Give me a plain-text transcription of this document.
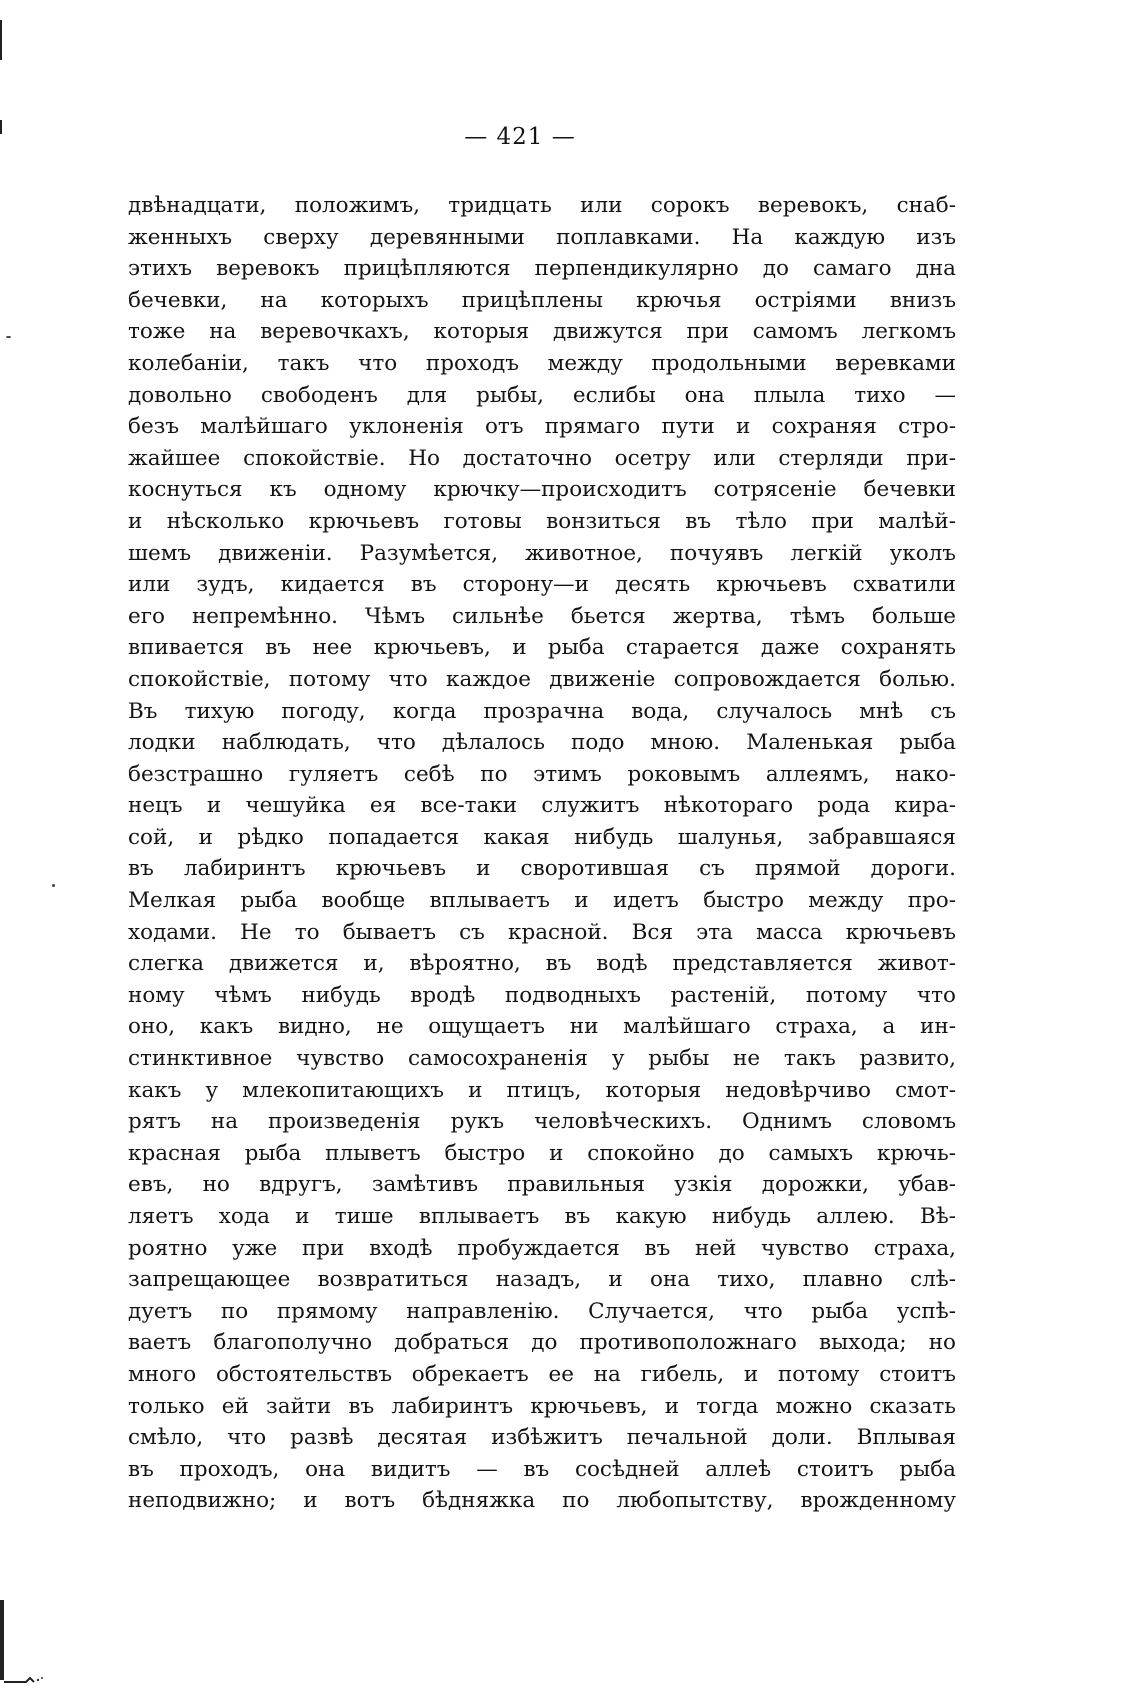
— 421 —
двѣнадцати, положимъ, тридцать или сорокъ веревокъ, снаб-
женныхъ сверху деревянными поплавками. На каждую изъ
этихъ веревокъ прицѣпляются перпендикулярно до самаго дна
бечевки, на которыхъ прицѣплены крючья остріями внизъ
тоже на веревочкахъ, которыя движутся при самомъ легкомъ
колебаніи, такъ что проходъ между продольными веревками
довольно свободенъ для рыбы, еслибы она плыла тихо —
безъ малѣйшаго уклоненія отъ прямаго пути и сохраняя стро-
жайшее спокойствіе. Но достаточно осетру или стерляди при-
коснуться къ одному крючку—происходитъ сотрясеніе бечевки
и нѣсколько крючьевъ готовы вонзиться въ тѣло при малѣй-
шемъ движеніи. Разумѣется, животное, почуявъ легкій уколъ
или зудъ, кидается въ сторону—и десять крючьевъ схватили
его непремѣнно. Чѣмъ сильнѣе бьется жертва, тѣмъ больше
впивается въ нее крючьевъ, и рыба старается даже сохранять
спокойствіе, потому что каждое движеніе сопровождается болью.
Въ тихую погоду, когда прозрачна вода, случалось мнѣ съ
лодки наблюдать, что дѣлалось подо мною. Маленькая рыба
безстрашно гуляетъ себѣ по этимъ роковымъ аллеямъ, нако-
нецъ и чешуйка ея все-таки служитъ нѣкотораго рода кира-
сой, и рѣдко попадается какая нибудь шалунья, забравшаяся
въ лабиринтъ крючьевъ и своротившая съ прямой дороги.
Мелкая рыба вообще вплываетъ и идетъ быстро между про-
ходами. Не то бываетъ съ красной. Вся эта масса крючьевъ
слегка движется и, вѣроятно, въ водѣ представляется живот-
ному чѣмъ нибудь вродѣ подводныхъ растеній, потому что
оно, какъ видно, не ощущаетъ ни малѣйшаго страха, а ин-
стинктивное чувство самосохраненія у рыбы не такъ развито,
какъ у млекопитающихъ и птицъ, которыя недовѣрчиво смот-
рятъ на произведенія рукъ человѣческихъ. Однимъ словомъ
красная рыба плыветъ быстро и спокойно до самыхъ крючь-
евъ, но вдругъ, замѣтивъ правильныя узкія дорожки, убав-
ляетъ хода и тише вплываетъ въ какую нибудь аллею. Вѣ-
роятно уже при входѣ пробуждается въ ней чувство страха,
запрещающее возвратиться назадъ, и она тихо, плавно слѣ-
дуетъ по прямому направленію. Случается, что рыба успѣ-
ваетъ благополучно добраться до противоположнаго выхода; но
много обстоятельствъ обрекаетъ ее на гибель, и потому стоитъ
только ей зайти въ лабиринтъ крючьевъ, и тогда можно сказать
смѣло, что развѣ десятая избѣжитъ печальной доли. Вплывая
въ проходъ, она видитъ — въ сосѣдней аллеѣ стоитъ рыба
неподвижно; и вотъ бѣдняжка по любопытству, врожденному
